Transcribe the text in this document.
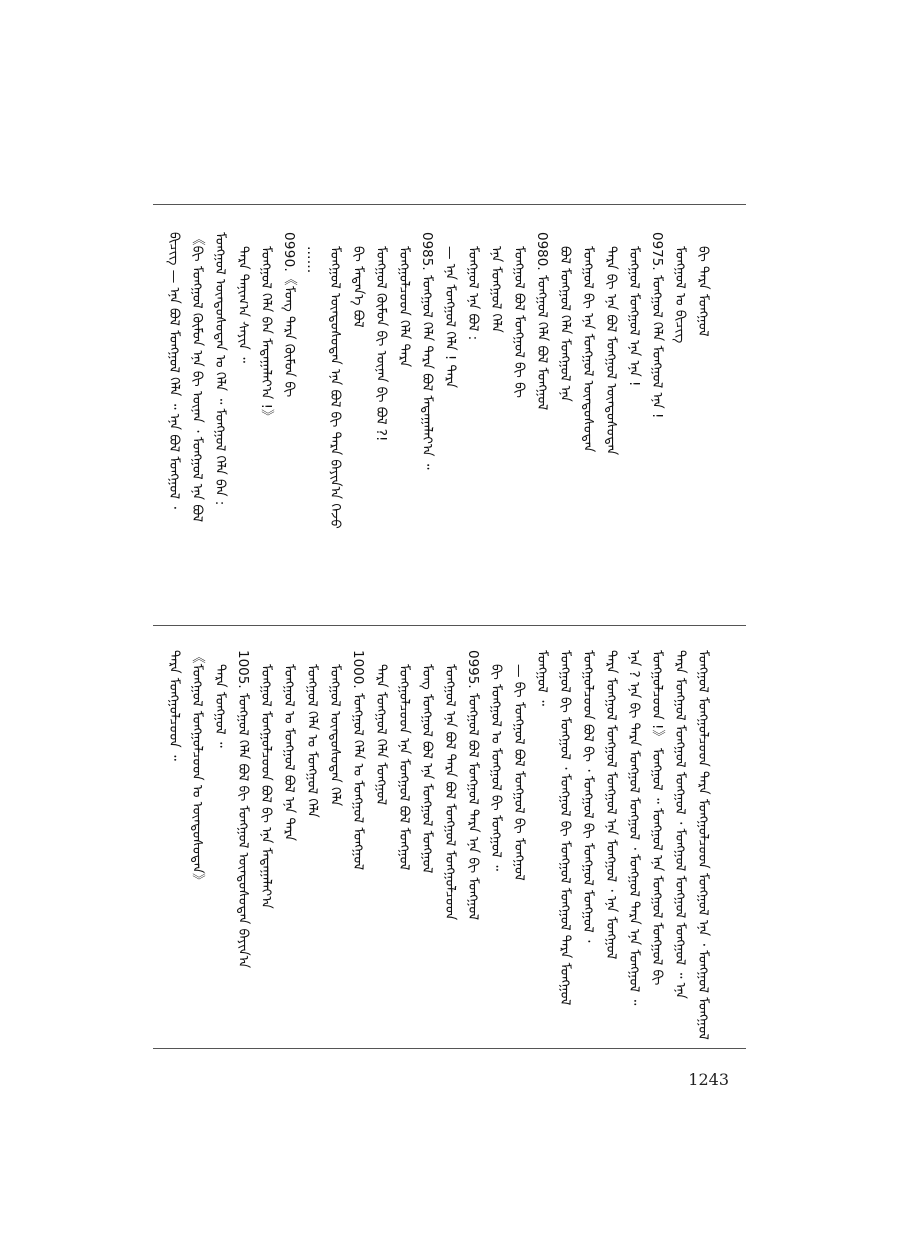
ᠪᠢᠴᠢᠭ᠌ — ᠡᠨᠡ ᠪᠣᠯ ᠮᠣᠩᠭᠣᠯ ᠬᠡᠯᠡ ᠃ ᠡᠨᠡ ᠪᠣᠯ ᠮᠣᠩᠭᠣᠯ ᠂ 《ᠪᠢ ᠮᠣᠩᠭᠣᠯ ᠬᠦᠮᠦᠨ ᠡᠨᠡ ᠪᠢ ᠦᠨᠡᠨ ᠂ ᠮᠣᠩᠭᠣᠯ ᠡᠨᠡ ᠪᠣᠯ ᠮᠣᠩᠭᠣᠯ ᠦᠨᠳᠦᠰᠦᠲᠡᠨ ᠤ ᠬᠡᠯᠡ ᠃ ᠮᠣᠩᠭᠣᠯ ᠬᠡᠯᠡ ᠪᠡᠨ : ᠲᠡᠷᠡ ᠲᠠᠨᠢᠭ᠎ᠠ ᠰᠠᠶᠢᠨ ᠃ ᠮᠣᠩᠭᠣᠯ ᠬᠡᠯᠡ ᠪᠡᠨ ᠮᠠᠳᠠᠭᠠᠯᠠᠶ᠎ᠠ !》 0990.《ᠮᠣᠩ ᠲᠡᠷᠡ ᠬᠦᠮᠦᠨ ᠪᠢ …… ᠮᠣᠩᠭᠣᠯ ᠦᠨᠳᠦᠰᠦᠲᠡᠨ ᠡᠨᠡ ᠪᠣᠯ ᠪᠢ ᠲᠡᠷᠡ ᠪᠠᠶᠢᠨ᠎ᠠ ᠭᠡᠵᠦ ᠪᠢ ᠮᠡᠳᠡᠨ᠎ᠡ ᠪᠣᠯ ᠮᠣᠩᠭᠣᠯ ᠬᠦᠮᠦᠨ ᠪᠢ ᠦᠨᠡᠨ ᠪᠢ ᠪᠣᠯ ?! ᠮᠣᠩᠭᠣᠯᠴᠤᠳ ᠬᠡᠯᠡ ᠲᠡᠷᠡ 0985. ᠮᠣᠩᠭᠣᠯ ᠬᠡᠯᠡ ᠲᠡᠷᠡ ᠪᠣᠯ ᠮᠠᠳᠠᠭᠠᠯᠠᠶ᠎ᠠ ᠃ — ᠡᠨᠡ ᠮᠣᠩᠭᠣᠯ ᠬᠡᠯᠡ ! ᠲᠡᠷᠡ ᠮᠣᠩᠭᠣᠯ ᠡᠨᠡ ᠪᠣᠯ : ᠡᠨᠡ ᠮᠣᠩᠭᠣᠯ ᠬᠡᠯᠡ ᠮᠣᠩᠭᠣᠯ ᠪᠣᠯ ᠮᠣᠩᠭᠣᠯ ᠪᠢ ᠪᠢ 0980. ᠮᠣᠩᠭᠣᠯ ᠬᠡᠯᠡ ᠪᠣᠯ ᠮᠣᠩᠭᠣᠯ ᠪᠣᠯ ᠮᠣᠩᠭᠣᠯ ᠬᠡᠯᠡ ᠮᠣᠩᠭᠣᠯ ᠡᠨᠡ ᠮᠣᠩᠭᠣᠯ ᠪᠢ ᠡᠨᠡ ᠮᠣᠩᠭᠣᠯ ᠦᠨᠳᠦᠰᠦᠲᠡᠨ ᠲᠡᠷᠡ ᠪᠢ ᠡᠨᠡ ᠪᠣᠯ ᠮᠣᠩᠭᠣᠯ ᠦᠨᠳᠦᠰᠦᠲᠡᠨ ᠮᠣᠩᠭᠣᠯ ᠮᠣᠩᠭᠣᠯ ᠡᠨᠡ ᠡᠨᠡ ! 0975. ᠮᠣᠩᠭᠣᠯ ᠬᠡᠯᠡ ᠮᠣᠩᠭᠣᠯ ᠡᠨᠡ ! ᠮᠣᠩᠭᠣᠯ ᠤ ᠪᠢᠴᠢᠭ ᠪᠢ ᠲᠡᠷᠡ ᠮᠣᠩᠭᠣᠯ
ᠲᠡᠷᠡ ᠮᠣᠩᠭᠣᠯᠴᠤᠳ ᠃ 《ᠮᠣᠩᠭᠣᠯ ᠮᠣᠩᠭᠣᠯᠴᠤᠳ ᠤ ᠦᠨᠳᠦᠰᠦᠲᠡᠨ》 ᠲᠡᠷᠡ ᠮᠣᠩᠭᠣᠯ ᠃ 1005. ᠮᠣᠩᠭᠣᠯ ᠬᠡᠯᠡ ᠪᠣᠯ ᠪᠢ ᠮᠣᠩᠭᠣᠯ ᠦᠨᠳᠦᠰᠦᠲᠡᠨ ᠪᠠᠶᠢᠨ᠎ᠠ ᠮᠣᠩᠭᠣᠯ ᠮᠣᠩᠭᠣᠯᠴᠤᠳ ᠪᠣᠯ ᠪᠢ ᠡᠨᠡ ᠮᠠᠳᠠᠭᠠᠯᠠᠶ᠎ᠠ ᠮᠣᠩᠭᠣᠯ ᠤ ᠮᠣᠩᠭᠣᠯ ᠪᠣᠯ ᠡᠨᠡ ᠲᠡᠷᠡ ᠮᠣᠩᠭᠣᠯ ᠬᠡᠯᠡ ᠤ ᠮᠣᠩᠭᠣᠯ ᠬᠡᠯᠡ ᠮᠣᠩᠭᠣᠯ ᠦᠨᠳᠦᠰᠦᠲᠡᠨ ᠬᠡᠯᠡ 1000. ᠮᠣᠩᠭᠣᠯ ᠬᠡᠯᠡ ᠤ ᠮᠣᠩᠭᠣᠯ ᠮᠣᠩᠭᠣᠯ ᠲᠡᠷᠡ ᠮᠣᠩᠭᠣᠯ ᠬᠡᠯᠡ ᠮᠣᠩᠭᠣᠯ ᠮᠣᠩᠭᠣᠯᠴᠤᠳ ᠡᠨᠡ ᠮᠣᠩᠭᠣᠯ ᠪᠣᠯ ᠮᠣᠩᠭᠣᠯ ᠮᠣᠩ ᠮᠣᠩᠭᠣᠯ ᠪᠣᠯ ᠡᠨᠡ ᠮᠣᠩᠭᠣᠯ ᠮᠣᠩᠭᠣᠯ ᠮᠣᠩᠭᠣᠯ ᠡᠨᠡ ᠪᠣᠯ ᠲᠡᠷᠡ ᠪᠣᠯ ᠮᠣᠩᠭᠣᠯ ᠮᠣᠩᠭᠣᠯᠴᠤᠳ 0995. ᠮᠣᠩᠭᠣᠯ ᠪᠣᠯ ᠮᠣᠩᠭᠣᠯ ᠲᠡᠷᠡ ᠡᠨᠡ ᠪᠢ ᠮᠣᠩᠭᠣᠯ ᠪᠢ ᠮᠣᠩᠭᠣᠯ ᠤ ᠮᠣᠩᠭᠣᠯ ᠪᠢ ᠮᠣᠩᠭᠣᠯ ᠃ — ᠪᠢ ᠮᠣᠩᠭᠣᠯ ᠪᠣᠯ ᠮᠣᠩᠭᠣᠯ ᠪᠢ ᠮᠣᠩᠭᠣᠯ ᠮᠣᠩᠭᠣᠯ ᠃ ᠮᠣᠩᠭᠣᠯ ᠪᠢ ᠮᠣᠩᠭᠣᠯ ᠂ ᠮᠣᠩᠭᠣᠯ ᠪᠢ ᠮᠣᠩᠭᠣᠯ ᠮᠣᠩᠭᠣᠯ ᠲᠡᠷᠡ ᠮᠣᠩᠭᠣᠯ ᠮᠣᠩᠭᠣᠯᠴᠤᠳ ᠪᠣᠯ ᠪᠢ ᠂ ᠮᠣᠩᠭᠣᠯ ᠪᠢ ᠮᠣᠩᠭᠣᠯ ᠮᠣᠩᠭᠣᠯ ᠂ ᠲᠡᠷᠡ ᠮᠣᠩᠭᠣᠯ ᠮᠣᠩᠭᠣᠯ ᠮᠣᠩᠭᠣᠯ ᠡᠨᠡ ᠮᠣᠩᠭᠣᠯ ᠂ ᠡᠨᠡ ᠮᠣᠩᠭᠣᠯ ᠡᠨᠡ ? ᠡᠨᠡ ᠪᠢ ᠲᠡᠷᠡ ᠮᠣᠩᠭᠣᠯ ᠮᠣᠩᠭᠣᠯ ᠂ ᠮᠣᠩᠭᠣᠯ ᠲᠡᠷᠡ ᠡᠨᠡ ᠮᠣᠩᠭᠣᠯ ᠃ ᠮᠣᠩᠭᠣᠯᠴᠤᠳ !》 ᠮᠣᠩᠭᠣᠯ ᠃ ᠮᠣᠩᠭᠣᠯ ᠡᠨᠡ ᠮᠣᠩᠭᠣᠯ ᠮᠣᠩᠭᠣᠯ ᠪᠢ ᠲᠡᠷᠡ ᠮᠣᠩᠭᠣᠯ ᠮᠣᠩᠭᠣᠯ ᠮᠣᠩᠭᠣᠯ ᠂ ᠮᠣᠩᠭᠣᠯ ᠮᠣᠩᠭᠣᠯ ᠮᠣᠩᠭᠣᠯ ᠃ ᠡᠨᠡ ᠮᠣᠩᠭᠣᠯ ᠮᠣᠩᠭᠣᠯᠴᠤᠳ ᠲᠡᠷᠡ ᠮᠣᠩᠭᠣᠯᠴᠤᠳ ᠮᠣᠩᠭᠣᠯ ᠡᠨᠡ ᠂ ᠮᠣᠩᠭᠣᠯ ᠮᠣᠩᠭᠣᠯ
1243
